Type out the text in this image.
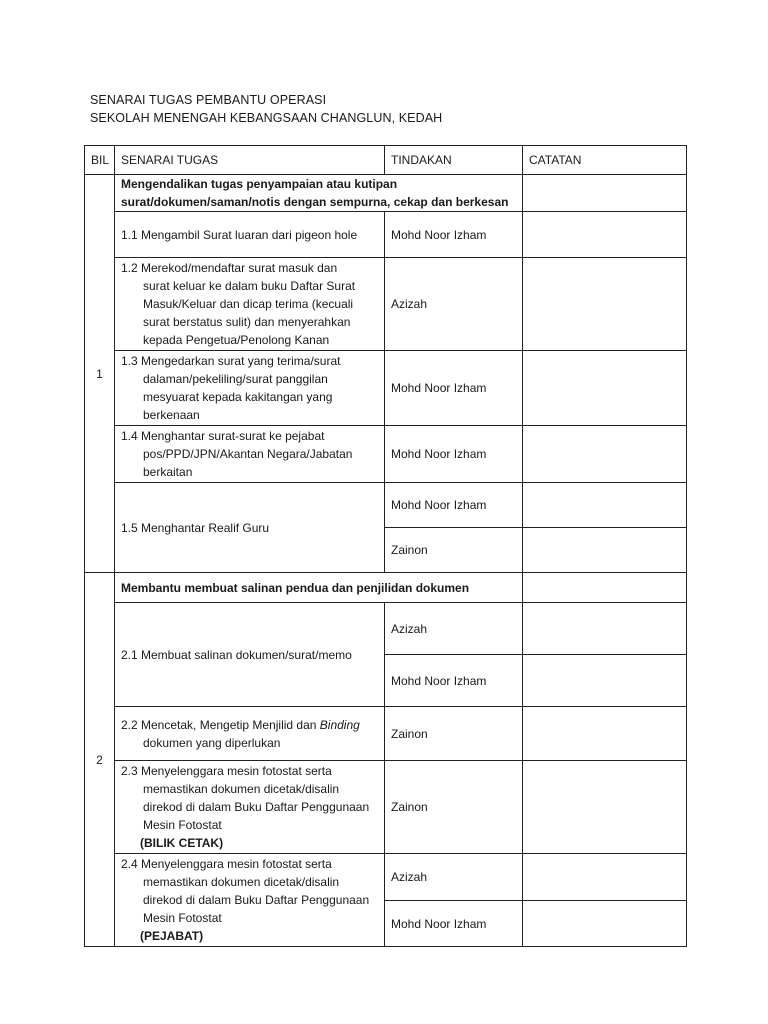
SENARAI TUGAS PEMBANTU OPERASI
SEKOLAH MENENGAH KEBANGSAAN CHANGLUN, KEDAH
BIL	SENARAI TUGAS	TINDAKAN	CATATAN
1	Mengendalikan tugas penyampaian atau kutipan surat/dokumen/saman/notis dengan sempurna, cekap dan berkesan		
	1.1 Mengambil Surat luaran dari pigeon hole	Mohd Noor Izham	
	1.2 Merekod/mendaftar surat masuk dan
surat keluar ke dalam buku Daftar Surat Masuk/Keluar dan dicap terima (kecuali surat berstatus sulit) dan menyerahkan kepada Pengetua/Penolong Kanan	Azizah	
	1.3 Mengedarkan surat yang terima/surat
dalaman/pekeliling/surat panggilan mesyuarat kepada kakitangan yang berkenaan	Mohd Noor Izham	
	1.4 Menghantar surat-surat ke pejabat
pos/PPD/JPN/Akantan Negara/Jabatan berkaitan	Mohd Noor Izham	
	1.5 Menghantar Realif Guru	Mohd Noor Izham	
		Zainon	
2	Membantu membuat salinan pendua dan penjilidan dokumen		
	2.1 Membuat salinan dokumen/surat/memo	Azizah	
		Mohd Noor Izham	
	2.2 Mencetak, Mengetip Menjilid dan Binding
dokumen yang diperlukan	Zainon	
	2.3 Menyelenggara mesin fotostat serta
memastikan dokumen dicetak/disalin direkod di dalam Buku Daftar Penggunaan Mesin Fotostat
(BILIK CETAK)	Zainon	
	2.4 Menyelenggara mesin fotostat serta
memastikan dokumen dicetak/disalin direkod di dalam Buku Daftar Penggunaan Mesin Fotostat
(PEJABAT)	Azizah	
		Mohd Noor Izham	
